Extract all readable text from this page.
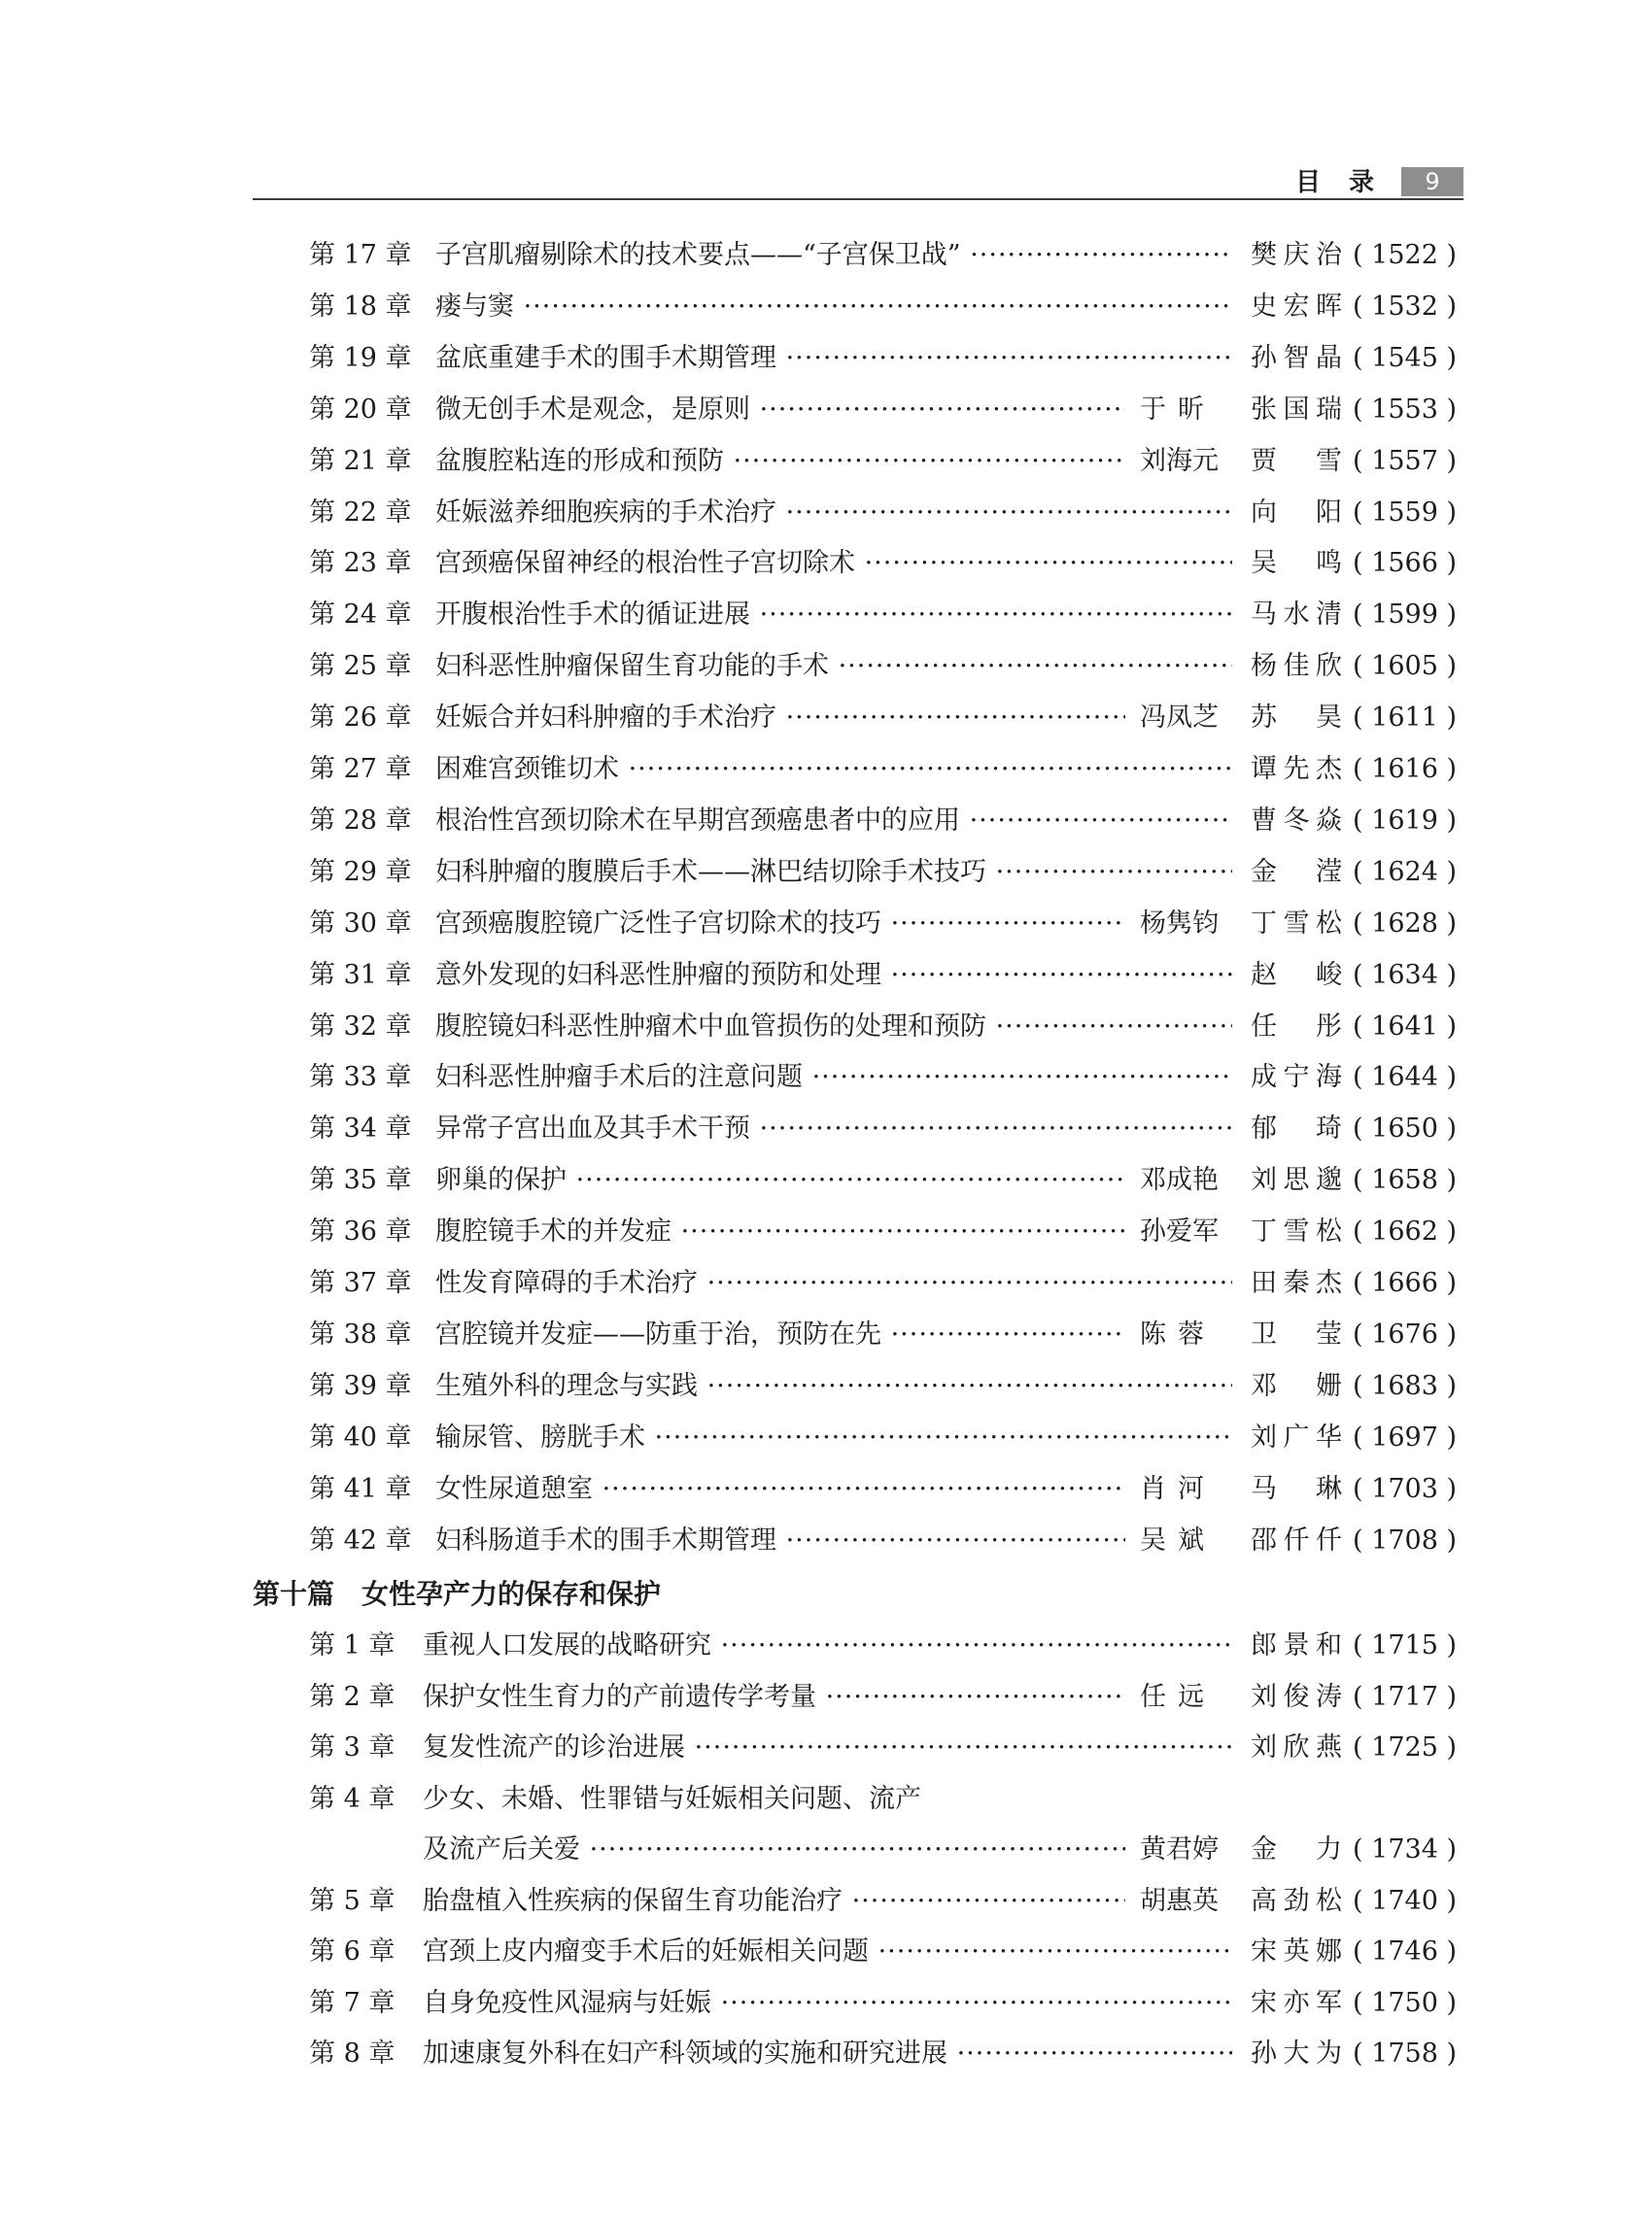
目 录	9
第 17 章 子宫肌瘤剔除术的技术要点——“子宫保卫战” ·····	樊庆治 ( 1522 )
第 18 章 瘘与窦 ·····	史宏晖 ( 1532 )
第 19 章 盆底重建手术的围手术期管理 ·····	孙智晶 ( 1545 )
第 20 章 微无创手术是观念，是原则 ·····	于 昕 张国瑞 ( 1553 )
第 21 章 盆腹腔粘连的形成和预防 ·····	刘海元 贾 雪 ( 1557 )
第 22 章 妊娠滋养细胞疾病的手术治疗 ·····	向 阳 ( 1559 )
第 23 章 宫颈癌保留神经的根治性子宫切除术 ·····	吴 鸣 ( 1566 )
第 24 章 开腹根治性手术的循证进展 ·····	马水清 ( 1599 )
第 25 章 妇科恶性肿瘤保留生育功能的手术 ·····	杨佳欣 ( 1605 )
第 26 章 妊娠合并妇科肿瘤的手术治疗 ·····	冯凤芝 苏 昊 ( 1611 )
第 27 章 困难宫颈锥切术 ·····	谭先杰 ( 1616 )
第 28 章 根治性宫颈切除术在早期宫颈癌患者中的应用 ·····	曹冬焱 ( 1619 )
第 29 章 妇科肿瘤的腹膜后手术——淋巴结切除手术技巧 ·····	金 滢 ( 1624 )
第 30 章 宫颈癌腹腔镜广泛性子宫切除术的技巧 ·····	杨隽钧 丁雪松 ( 1628 )
第 31 章 意外发现的妇科恶性肿瘤的预防和处理 ·····	赵 峻 ( 1634 )
第 32 章 腹腔镜妇科恶性肿瘤术中血管损伤的处理和预防 ·····	任 彤 ( 1641 )
第 33 章 妇科恶性肿瘤手术后的注意问题 ·····	成宁海 ( 1644 )
第 34 章 异常子宫出血及其手术干预 ·····	郁 琦 ( 1650 )
第 35 章 卵巢的保护 ·····	邓成艳 刘思邈 ( 1658 )
第 36 章 腹腔镜手术的并发症 ·····	孙爱军 丁雪松 ( 1662 )
第 37 章 性发育障碍的手术治疗 ·····	田秦杰 ( 1666 )
第 38 章 宫腔镜并发症——防重于治，预防在先 ·····	陈 蓉 卫 莹 ( 1676 )
第 39 章 生殖外科的理念与实践 ·····	邓 姗 ( 1683 )
第 40 章 输尿管、膀胱手术 ·····	刘广华 ( 1697 )
第 41 章 女性尿道憩室 ·····	肖 河 马 琳 ( 1703 )
第 42 章 妇科肠道手术的围手术期管理 ·····	吴 斌 邵仟仟 ( 1708 )
第十篇　女性孕产力的保存和保护
第 1 章 重视人口发展的战略研究 ·····	郎景和 ( 1715 )
第 2 章 保护女性生育力的产前遗传学考量 ·····	任 远 刘俊涛 ( 1717 )
第 3 章 复发性流产的诊治进展 ·····	刘欣燕 ( 1725 )
第 4 章 少女、未婚、性罪错与妊娠相关问题、流产
及流产后关爱 ·····	黄君婷 金 力 ( 1734 )
第 5 章 胎盘植入性疾病的保留生育功能治疗 ·····	胡惠英 高劲松 ( 1740 )
第 6 章 宫颈上皮内瘤变手术后的妊娠相关问题 ·····	宋英娜 ( 1746 )
第 7 章 自身免疫性风湿病与妊娠 ·····	宋亦军 ( 1750 )
第 8 章 加速康复外科在妇产科领域的实施和研究进展 ·····	孙大为 ( 1758 )
